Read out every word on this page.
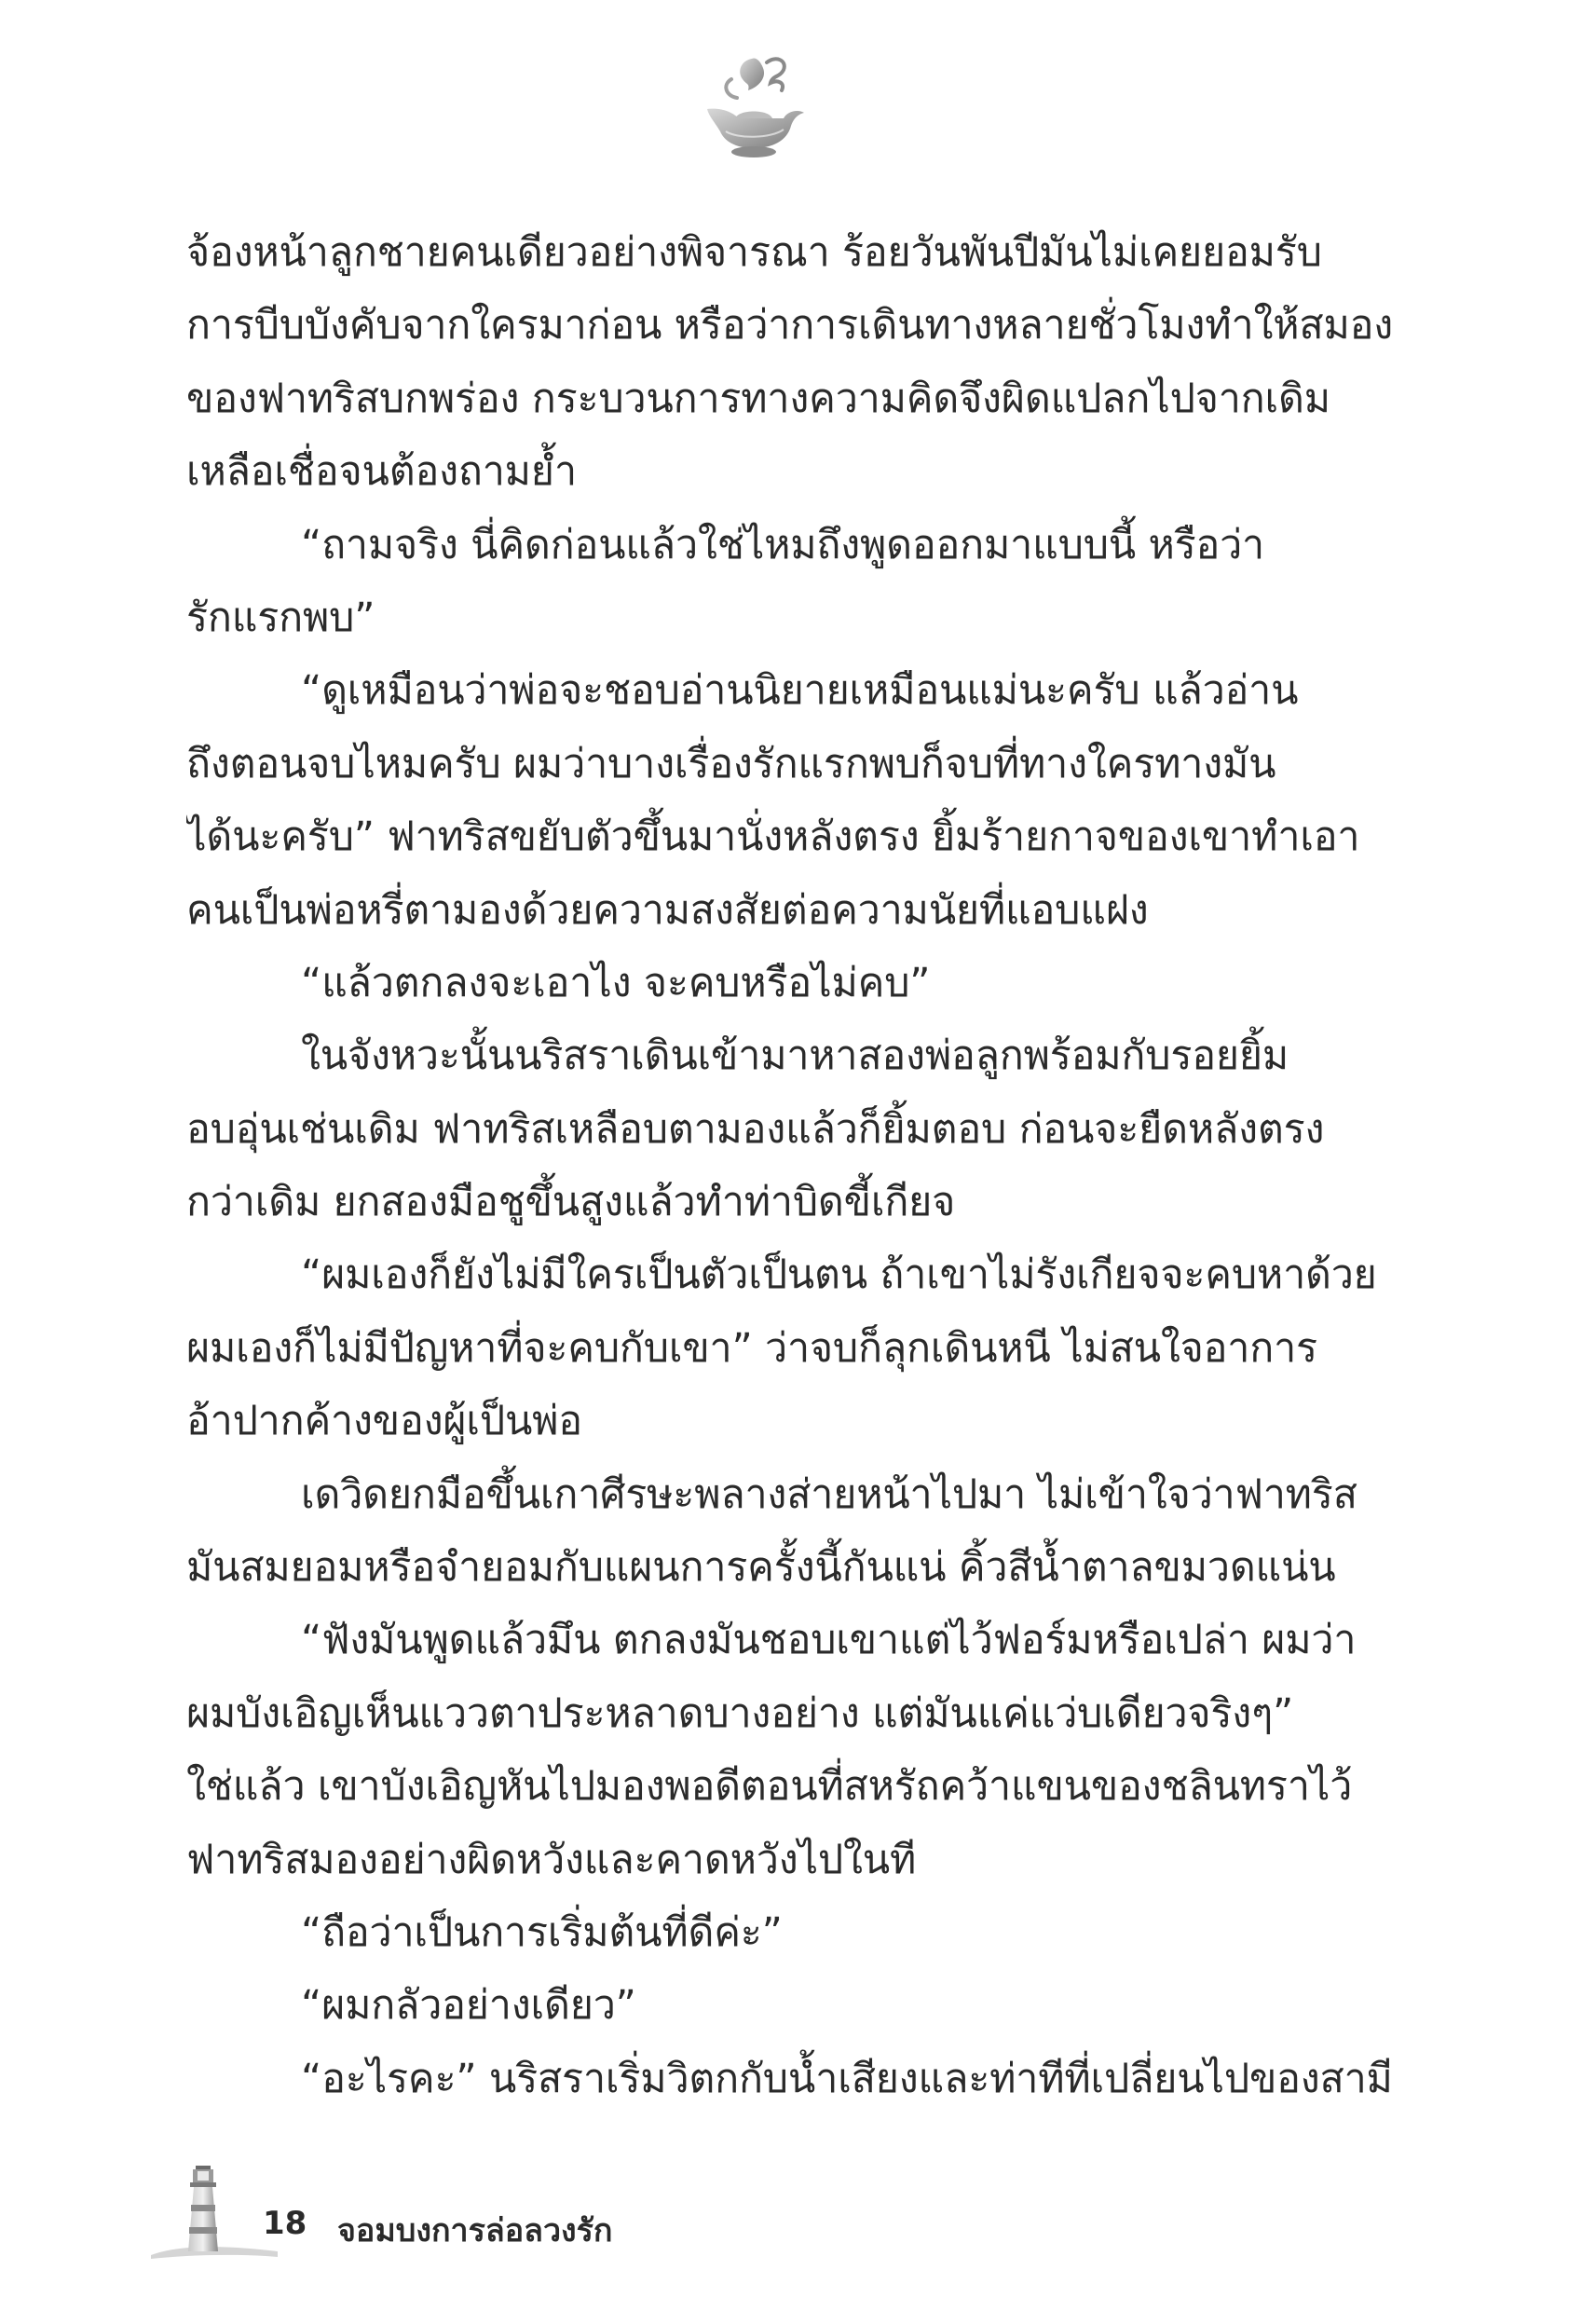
จ้องหน้าลูกชายคนเดียวอย่างพิจารณา ร้อยวันพันปีมันไม่เคยยอมรับ
การบีบบังคับจากใครมาก่อน หรือว่าการเดินทางหลายชั่วโมงทำให้สมอง
ของฟาทริสบกพร่อง กระบวนการทางความคิดจึงผิดแปลกไปจากเดิม
เหลือเชื่อจนต้องถามย้ำ
“ถามจริง นี่คิดก่อนแล้วใช่ไหมถึงพูดออกมาแบบนี้ หรือว่า
รักแรกพบ”
“ดูเหมือนว่าพ่อจะชอบอ่านนิยายเหมือนแม่นะครับ แล้วอ่าน
ถึงตอนจบไหมครับ ผมว่าบางเรื่องรักแรกพบก็จบที่ทางใครทางมัน
ได้นะครับ” ฟาทริสขยับตัวขึ้นมานั่งหลังตรง ยิ้มร้ายกาจของเขาทำเอา
คนเป็นพ่อหรี่ตามองด้วยความสงสัยต่อความนัยที่แอบแฝง
“แล้วตกลงจะเอาไง จะคบหรือไม่คบ”
ในจังหวะนั้นนริสราเดินเข้ามาหาสองพ่อลูกพร้อมกับรอยยิ้ม
อบอุ่นเช่นเดิม ฟาทริสเหลือบตามองแล้วก็ยิ้มตอบ ก่อนจะยืดหลังตรง
กว่าเดิม ยกสองมือชูขึ้นสูงแล้วทำท่าบิดขี้เกียจ
“ผมเองก็ยังไม่มีใครเป็นตัวเป็นตน ถ้าเขาไม่รังเกียจจะคบหาด้วย
ผมเองก็ไม่มีปัญหาที่จะคบกับเขา” ว่าจบก็ลุกเดินหนี ไม่สนใจอาการ
อ้าปากค้างของผู้เป็นพ่อ
เดวิดยกมือขึ้นเกาศีรษะพลางส่ายหน้าไปมา ไม่เข้าใจว่าฟาทริส
มันสมยอมหรือจำยอมกับแผนการครั้งนี้กันแน่ คิ้วสีน้ำตาลขมวดแน่น
“ฟังมันพูดแล้วมึน ตกลงมันชอบเขาแต่ไว้ฟอร์มหรือเปล่า ผมว่า
ผมบังเอิญเห็นแววตาประหลาดบางอย่าง แต่มันแค่แว่บเดียวจริงๆ”
ใช่แล้ว เขาบังเอิญหันไปมองพอดีตอนที่สหรัถคว้าแขนของชลินทราไว้
ฟาทริสมองอย่างผิดหวังและคาดหวังไปในที
“ถือว่าเป็นการเริ่มต้นที่ดีค่ะ”
“ผมกลัวอย่างเดียว”
“อะไรคะ” นริสราเริ่มวิตกกับน้ำเสียงและท่าทีที่เปลี่ยนไปของสามี
18 จอมบงการล่อลวงรัก
